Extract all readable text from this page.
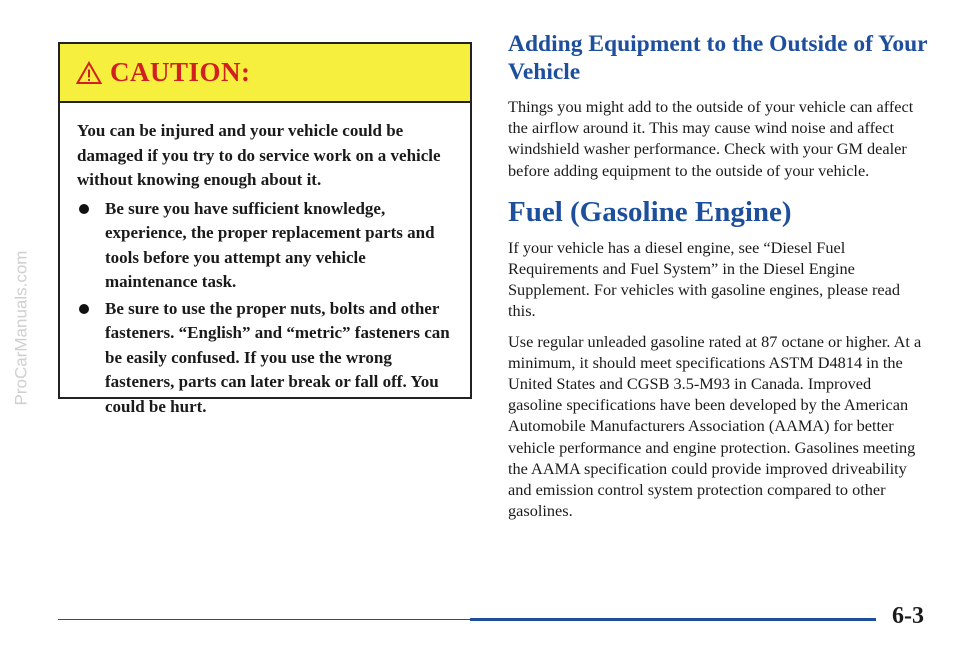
ProCarManuals.com
CAUTION:

You can be injured and your vehicle could be damaged if you try to do service work on a vehicle without knowing enough about it.

Be sure you have sufficient knowledge, experience, the proper replacement parts and tools before you attempt any vehicle maintenance task.
Be sure to use the proper nuts, bolts and other fasteners. “English” and “metric” fasteners can be easily confused. If you use the wrong fasteners, parts can later break or fall off. You could be hurt.
Adding Equipment to the Outside of Your Vehicle

Things you might add to the outside of your vehicle can affect the airflow around it. This may cause wind noise and affect windshield washer performance. Check with your GM dealer before adding equipment to the outside of your vehicle.

Fuel (Gasoline Engine)

If your vehicle has a diesel engine, see “Diesel Fuel Requirements and Fuel System” in the Diesel Engine Supplement. For vehicles with gasoline engines, please read this.

Use regular unleaded gasoline rated at 87 octane or higher. At a minimum, it should meet specifications ASTM D4814 in the United States and CGSB 3.5-M93 in Canada. Improved gasoline specifications have been developed by the American Automobile Manufacturers Association (AAMA) for better vehicle performance and engine protection. Gasolines meeting the AAMA specification could provide improved driveability and emission control system protection compared to other gasolines.

6-3
